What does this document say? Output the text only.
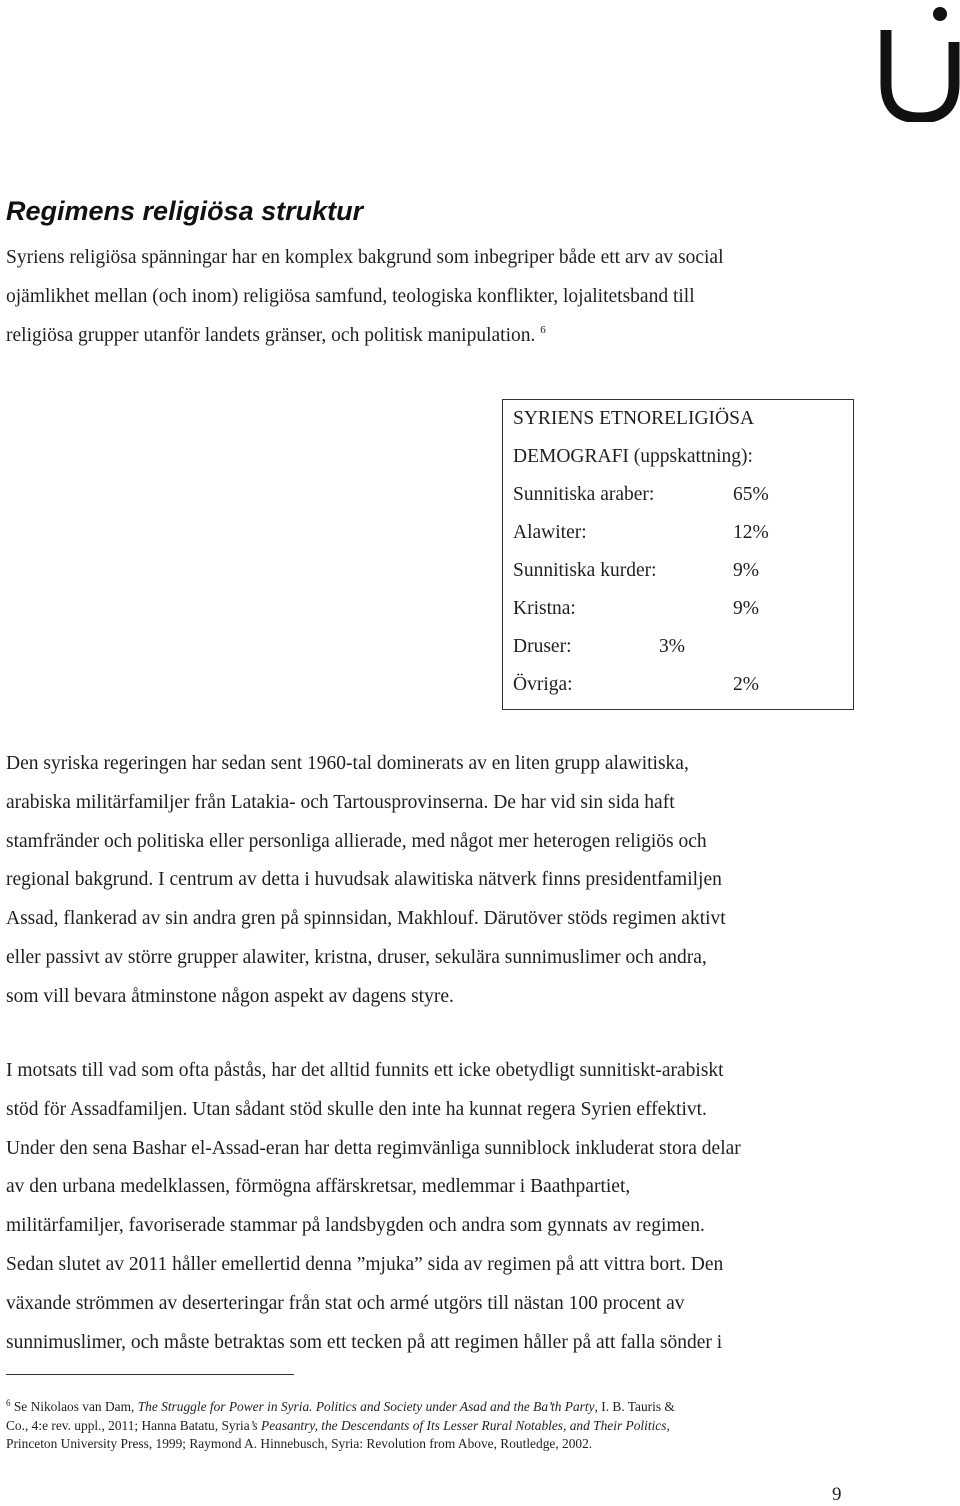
Regimens religiösa struktur
Syriens religiösa spänningar har en komplex bakgrund som inbegriper både ett arv av social
ojämlikhet mellan (och inom) religiösa samfund, teologiska konflikter, lojalitetsband till
religiösa grupper utanför landets gränser, och politisk manipulation. $^6$
SYRIENS ETNORELIGIÖSA
DEMOGRAFI (uppskattning):
Sunnitiska araber:	65%
Alawiter:	12%
Sunnitiska kurder:	9%
Kristna:	9%
Druser:	3%
Övriga:	2%
Den syriska regeringen har sedan sent 1960-tal dominerats av en liten grupp alawitiska,
arabiska militärfamiljer från Latakia- och Tartousprovinserna. De har vid sin sida haft
stamfränder och politiska eller personliga allierade, med något mer heterogen religiös och
regional bakgrund. I centrum av detta i huvudsak alawitiska nätverk finns presidentfamiljen
Assad, flankerad av sin andra gren på spinnsidan, Makhlouf. Därutöver stöds regimen aktivt
eller passivt av större grupper alawiter, kristna, druser, sekulära sunnimuslimer och andra,
som vill bevara åtminstone någon aspekt av dagens styre.
I motsats till vad som ofta påstås, har det alltid funnits ett icke obetydligt sunnitiskt-arabiskt
stöd för Assadfamiljen. Utan sådant stöd skulle den inte ha kunnat regera Syrien effektivt.
Under den sena Bashar el-Assad-eran har detta regimvänliga sunniblock inkluderat stora delar
av den urbana medelklassen, förmögna affärskretsar, medlemmar i Baathpartiet,
militärfamiljer, favoriserade stammar på landsbygden och andra som gynnats av regimen.
Sedan slutet av 2011 håller emellertid denna ”mjuka” sida av regimen på att vittra bort. Den
växande strömmen av deserteringar från stat och armé utgörs till nästan 100 procent av
sunnimuslimer, och måste betraktas som ett tecken på att regimen håller på att falla sönder i
$^6$ Se Nikolaos van Dam, The Struggle for Power in Syria. Politics and Society under Asad and the Ba’th Party, I. B. Tauris &
Co., 4:e rev. uppl., 2011; Hanna Batatu, Syria’s Peasantry, the Descendants of Its Lesser Rural Notables, and Their Politics,
Princeton University Press, 1999; Raymond A. Hinnebusch, Syria: Revolution from Above, Routledge, 2002.
9
